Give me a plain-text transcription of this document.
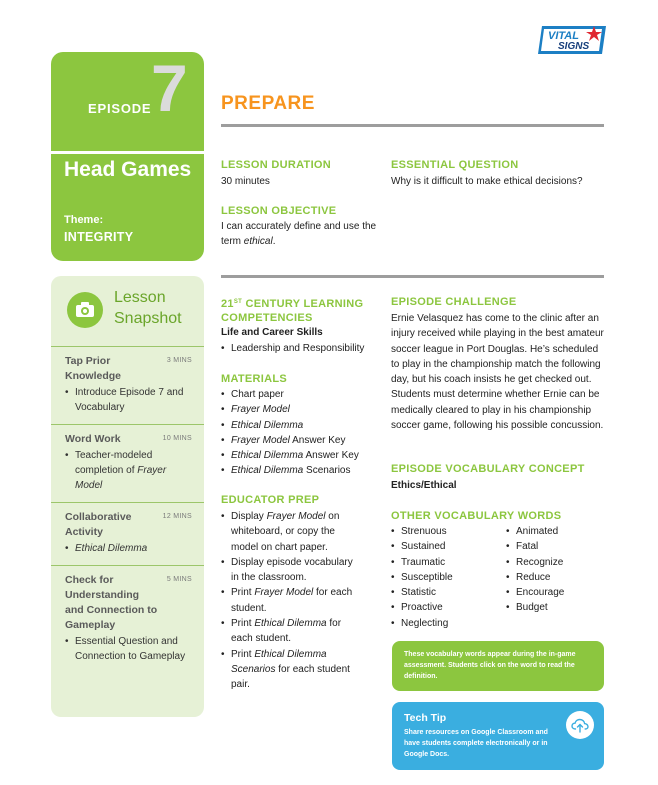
VITAL
SIGNS
EPISODE 7
Head Games
Theme:
INTEGRITY
Lesson Snapshot
Tap Prior Knowledge
3 MINS
• Introduce Episode 7 and Vocabulary
Word Work	10 MINS
• Teacher-modeled completion of Frayer Model
Collaborative Activity
12 MINS
• Ethical Dilemma
Check for Understanding and Connection to Gameplay
5 MINS
• Essential Question and Connection to Gameplay
PREPARE
LESSON DURATION
30 minutes
LESSON OBJECTIVE
I can accurately define and use the term ethical.
ESSENTIAL QUESTION
Why is it difficult to make ethical decisions?
21ST CENTURY LEARNING COMPETENCIES
Life and Career Skills
• Leadership and Responsibility
MATERIALS
• Chart paper
• Frayer Model
• Ethical Dilemma
• Frayer Model Answer Key
• Ethical Dilemma Answer Key
• Ethical Dilemma Scenarios
EDUCATOR PREP
• Display Frayer Model on whiteboard, or copy the model on chart paper.
• Display episode vocabulary in the classroom.
• Print Frayer Model for each student.
• Print Ethical Dilemma for each student.
• Print Ethical Dilemma Scenarios for each student pair.
EPISODE CHALLENGE
Ernie Velasquez has come to the clinic after an injury received while playing in the best amateur soccer league in Port Douglas. He’s scheduled to play in the championship match the following day, but his coach insists he get checked out. Students must determine whether Ernie can be medically cleared to play in his championship soccer game, following his possible concussion.
EPISODE VOCABULARY CONCEPT
Ethics/Ethical
OTHER VOCABULARY WORDS
• Strenuous
• Sustained
• Traumatic
• Susceptible
• Statistic
• Proactive
• Neglecting
• Animated
• Fatal
• Recognize
• Reduce
• Encourage
• Budget
These vocabulary words appear during the in-game assessment. Students click on the word to read the definition.
Tech Tip
Share resources on Google Classroom and have students complete electronically or in Google Docs.
